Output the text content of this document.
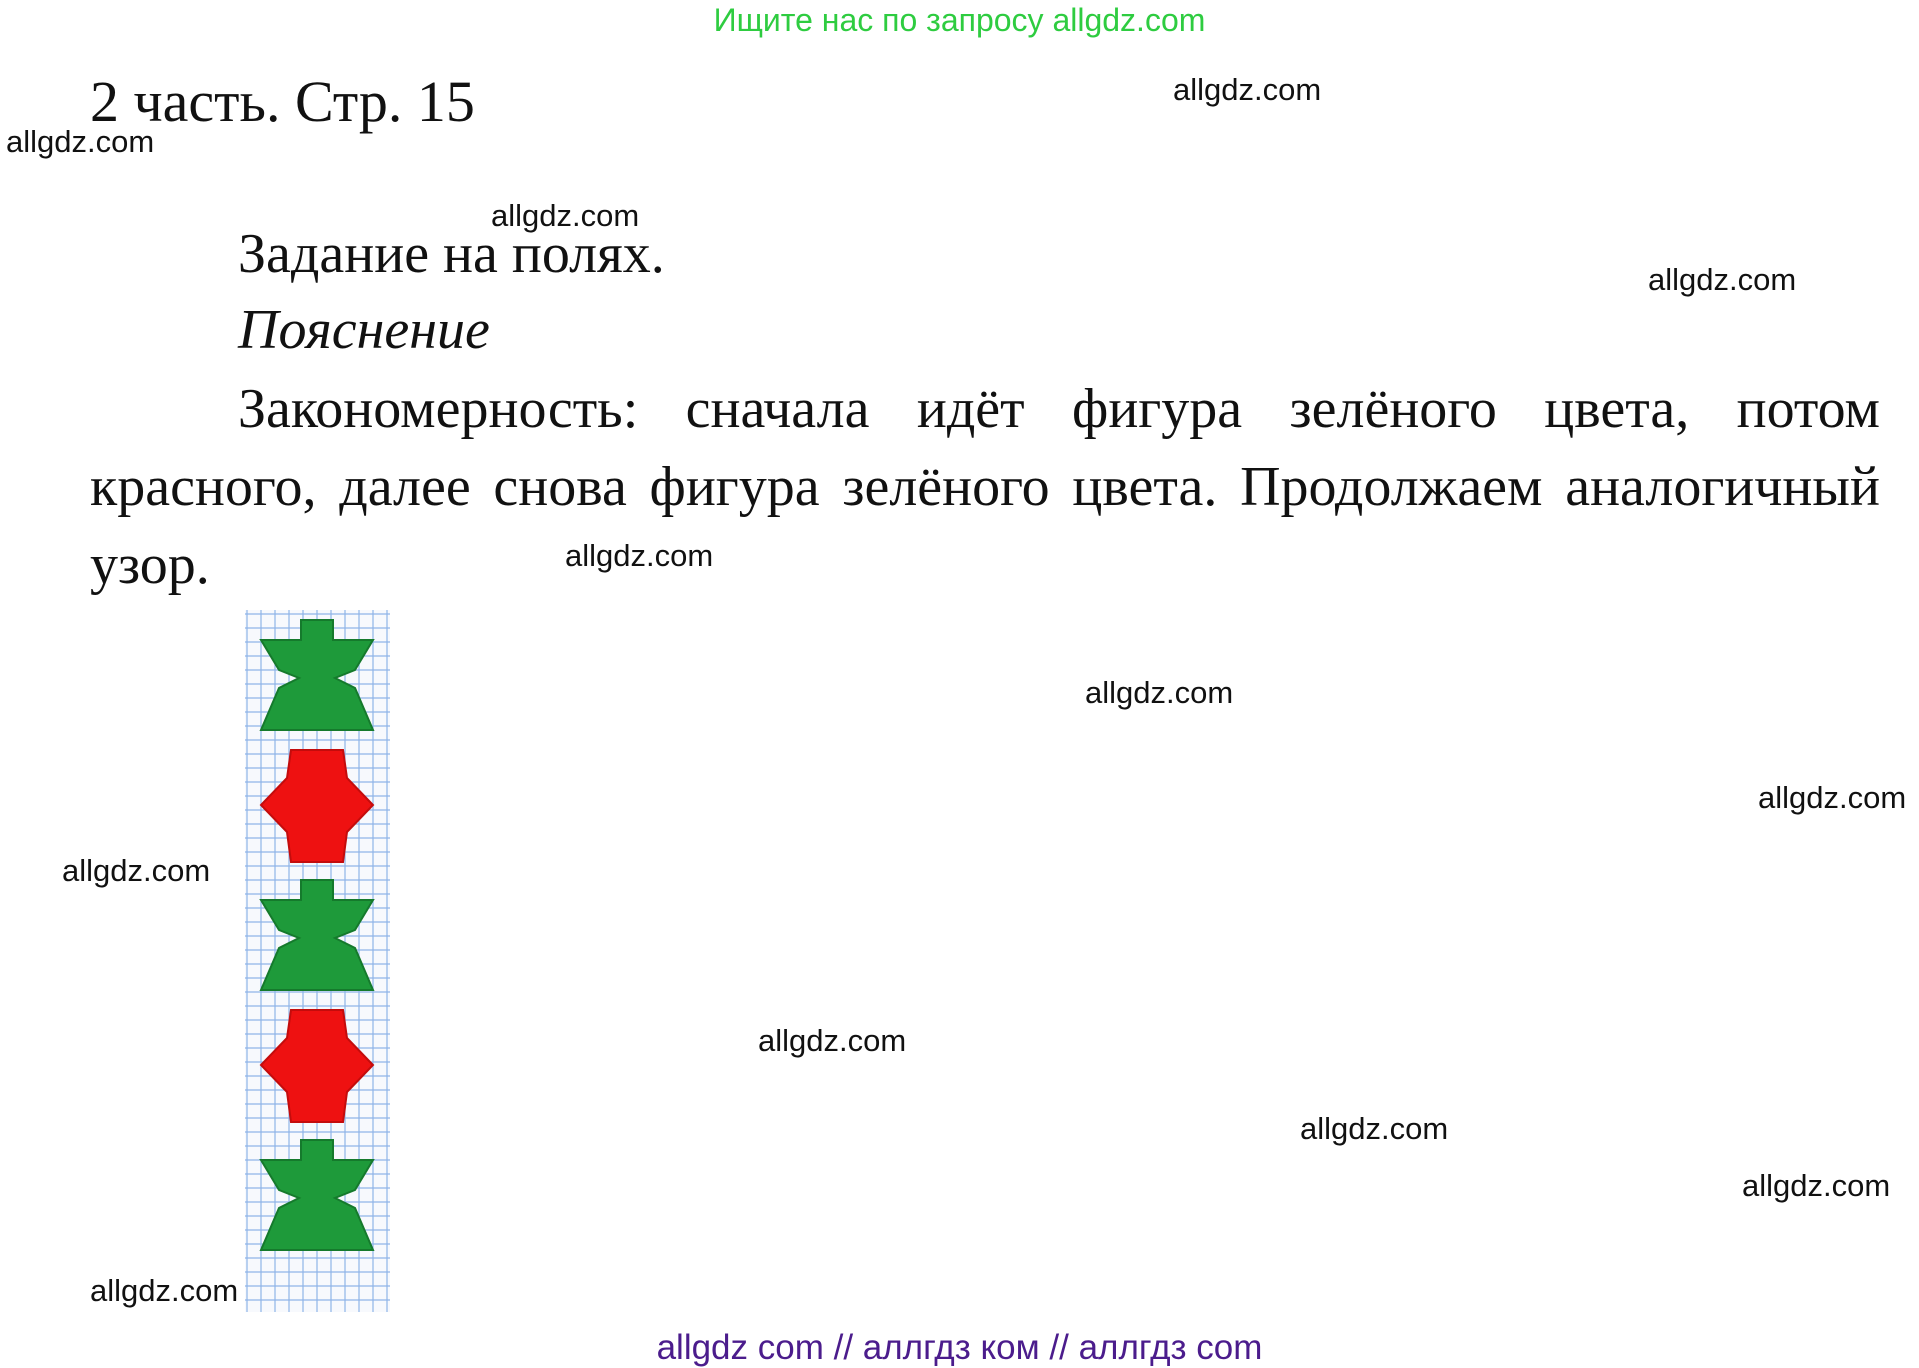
Ищите нас по запросу allgdz.com
2 часть. Стр. 15
Задание на полях.
Пояснение
Закономерность: сначала идёт фигура зелёного цвета, потом красного, далее снова фигура зелёного цвета. Продолжаем аналогичный узор.
allgdz.com
allgdz.com
allgdz.com
allgdz.com
allgdz.com
allgdz.com
allgdz.com
allgdz.com
allgdz.com
allgdz.com
allgdz.com
allgdz.com
allgdz com // аллгдз ком // аллгдз com
